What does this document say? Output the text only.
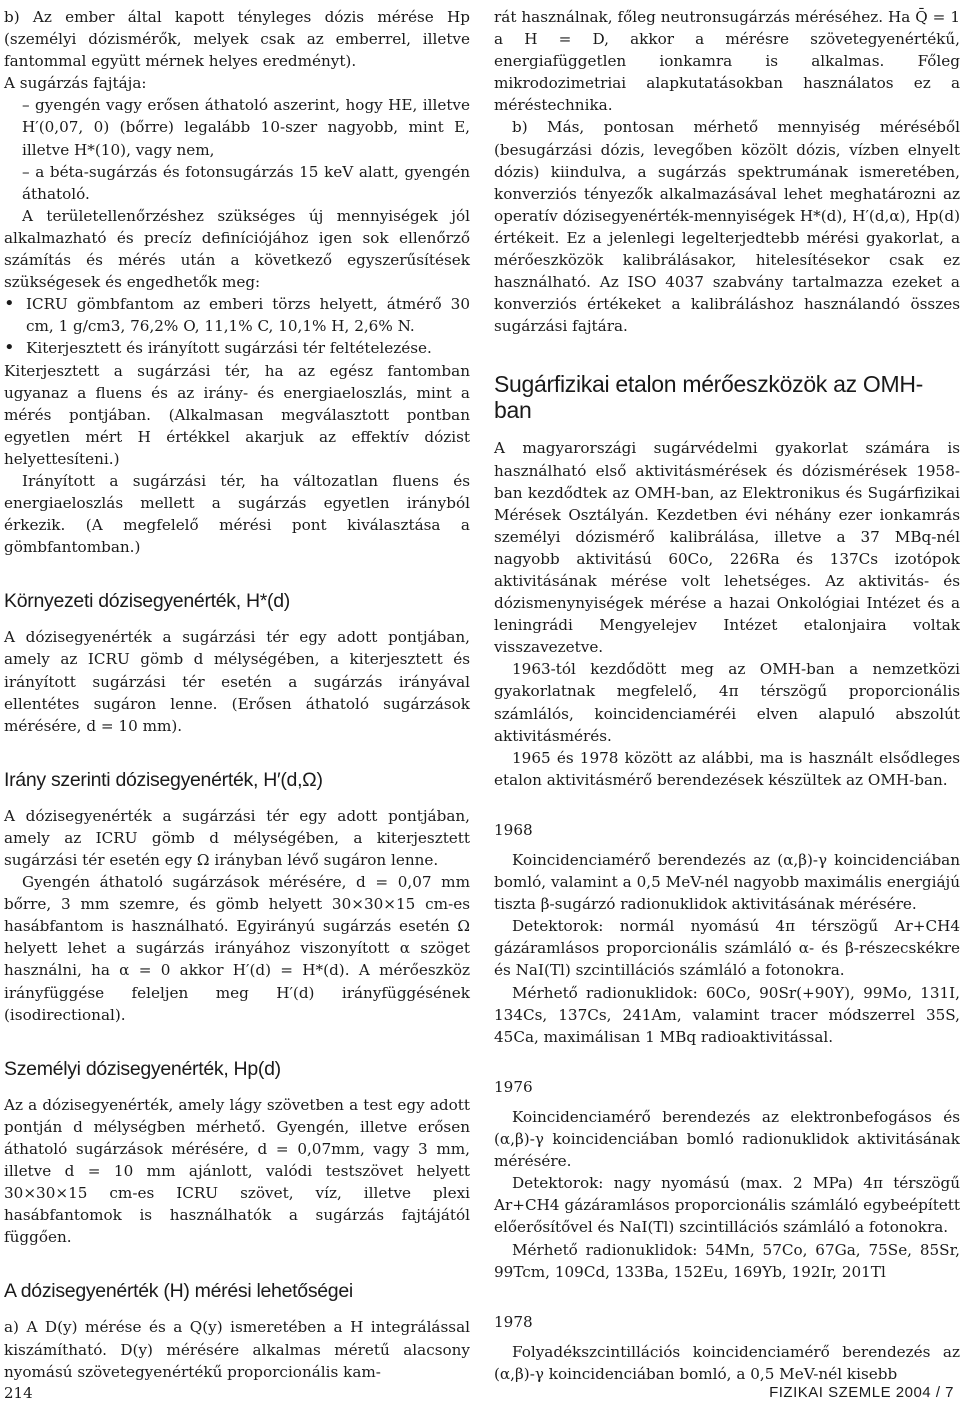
b) Az ember által kapott tényleges dózis mérése Hp (személyi dózismérők, melyek csak az emberrel, illetve fantommal együtt mérnek helyes eredményt).

A sugárzás fajtája:

– gyengén vagy erősen áthatoló aszerint, hogy HE, illetve H′(0,07, 0) (bőrre) legalább 10-szer nagyobb, mint E, illetve H*(10), vagy nem,

– a béta-sugárzás és fotonsugárzás 15 keV alatt, gyengén áthatoló.

A területellenőrzéshez szükséges új mennyiségek jól alkalmazható és precíz definíciójához igen sok ellenőrző számítás és mérés után a következő egyszerűsítések szükségesek és engedhetők meg:

• ICRU gömbfantom az emberi törzs helyett, átmérő 30 cm, 1 g/cm3, 76,2% O, 11,1% C, 10,1% H, 2,6% N.

• Kiterjesztett és irányított sugárzási tér feltételezése.

Kiterjesztett a sugárzási tér, ha az egész fantomban ugyanaz a fluens és az irány- és energiaeloszlás, mint a mérés pontjában. (Alkalmasan megválasztott pontban egyetlen mért H értékkel akarjuk az effektív dózist helyettesíteni.)

Irányított a sugárzási tér, ha változatlan fluens és energiaeloszlás mellett a sugárzás egyetlen irányból érkezik. (A megfelelő mérési pont kiválasztása a gömbfantomban.)

Környezeti dózisegyenérték, H*(d)

A dózisegyenérték a sugárzási tér egy adott pontjában, amely az ICRU gömb d mélységében, a kiterjesztett és irányított sugárzási tér esetén a sugárzás irányával ellentétes sugáron lenne. (Erősen áthatoló sugárzások mérésére, d = 10 mm).

Irány szerinti dózisegyenérték, H′(d,Ω)

A dózisegyenérték a sugárzási tér egy adott pontjában, amely az ICRU gömb d mélységében, a kiterjesztett sugárzási tér esetén egy Ω irányban lévő sugáron lenne.

Gyengén áthatoló sugárzások mérésére, d = 0,07 mm bőrre, 3 mm szemre, és gömb helyett 30×30×15 cm-es hasábfantom is használható. Egyirányú sugárzás esetén Ω helyett lehet a sugárzás irányához viszonyított α szöget használni, ha α = 0 akkor H′(d) = H*(d). A mérőeszköz irányfüggése feleljen meg H′(d) irányfüggésének (isodirectional).

Személyi dózisegyenérték, Hp(d)

Az a dózisegyenérték, amely lágy szövetben a test egy adott pontján d mélységben mérhető. Gyengén, illetve erősen áthatoló sugárzások mérésére, d = 0,07mm, vagy 3 mm, illetve d = 10 mm ajánlott, valódi testszövet helyett 30×30×15 cm-es ICRU szövet, víz, illetve plexi hasábfantomok is használhatók a sugárzás fajtájától függően.

A dózisegyenérték (H) mérési lehetőségei

a) A D(y) mérése és a Q(y) ismeretében a H integrálással kiszámítható. D(y) mérésére alkalmas méretű alacsony nyomású szövetegyenértékű proporcionális kam-

rát használnak, főleg neutronsugárzás méréséhez. Ha Q̄ = 1 a H = D, akkor a mérésre szövetegyenértékű, energiafüggetlen ionkamra is alkalmas. Főleg mikrodozimetriai alapkutatásokban használatos ez a méréstechnika.

b) Más, pontosan mérhető mennyiség méréséből (besugárzási dózis, levegőben közölt dózis, vízben elnyelt dózis) kiindulva, a sugárzás spektrumának ismeretében, konverziós tényezők alkalmazásával lehet meghatározni az operatív dózisegyenérték-mennyiségek H*(d), H′(d,α), Hp(d) értékeit. Ez a jelenlegi legelterjedtebb mérési gyakorlat, a mérőeszközök kalibrálásakor, hitelesítésekor csak ez használható. Az ISO 4037 szabvány tartalmazza ezeket a konverziós értékeket a kalibráláshoz használandó összes sugárzási fajtára.

Sugárfizikai etalon mérőeszközök az OMH-ban

A magyarországi sugárvédelmi gyakorlat számára is használható első aktivitásmérések és dózismérések 1958-ban kezdődtek az OMH-ban, az Elektronikus és Sugárfizikai Mérések Osztályán. Kezdetben évi néhány ezer ionkamrás személyi dózismérő kalibrálása, illetve a 37 MBq-nél nagyobb aktivitású 60Co, 226Ra és 137Cs izotópok aktivitásának mérése volt lehetséges. Az aktivitás- és dózismenynyiségek mérése a hazai Onkológiai Intézet és a leningrádi Mengyelejev Intézet etalonjaira voltak visszavezetve.

1963-tól kezdődött meg az OMH-ban a nemzetközi gyakorlatnak megfelelő, 4π térszögű proporcionális számlálós, koincidenciaméréi elven alapuló abszolút aktivitásmérés.

1965 és 1978 között az alábbi, ma is használt elsődleges etalon aktivitásmérő berendezések készültek az OMH-ban.

1968

Koincidenciamérő berendezés az (α,β)-γ koincidenciában bomló, valamint a 0,5 MeV-nél nagyobb maximális energiájú tiszta β-sugárzó radionuklidok aktivitásának mérésére.

Detektorok: normál nyomású 4π térszögű Ar+CH4 gázáramlásos proporcionális számláló α- és β-részecskékre és NaI(Tl) szcintillációs számláló a fotonokra.

Mérhető radionuklidok: 60Co, 90Sr(+90Y), 99Mo, 131I, 134Cs, 137Cs, 241Am, valamint tracer módszerrel 35S, 45Ca, maximálisan 1 MBq radioaktivitással.

1976

Koincidenciamérő berendezés az elektronbefogásos és (α,β)-γ koincidenciában bomló radionuklidok aktivitásának mérésére.

Detektorok: nagy nyomású (max. 2 MPa) 4π térszögű Ar+CH4 gázáramlásos proporcionális számláló egybeépített előerősítővel és NaI(Tl) szcintillációs számláló a fotonokra.

Mérhető radionuklidok: 54Mn, 57Co, 67Ga, 75Se, 85Sr, 99Tcm, 109Cd, 133Ba, 152Eu, 169Yb, 192Ir, 201Tl

1978

Folyadékszcintillációs koincidenciamérő berendezés az (α,β)-γ koincidenciában bomló, a 0,5 MeV-nél kisebb

214	FIZIKAI SZEMLE 2004 / 7
